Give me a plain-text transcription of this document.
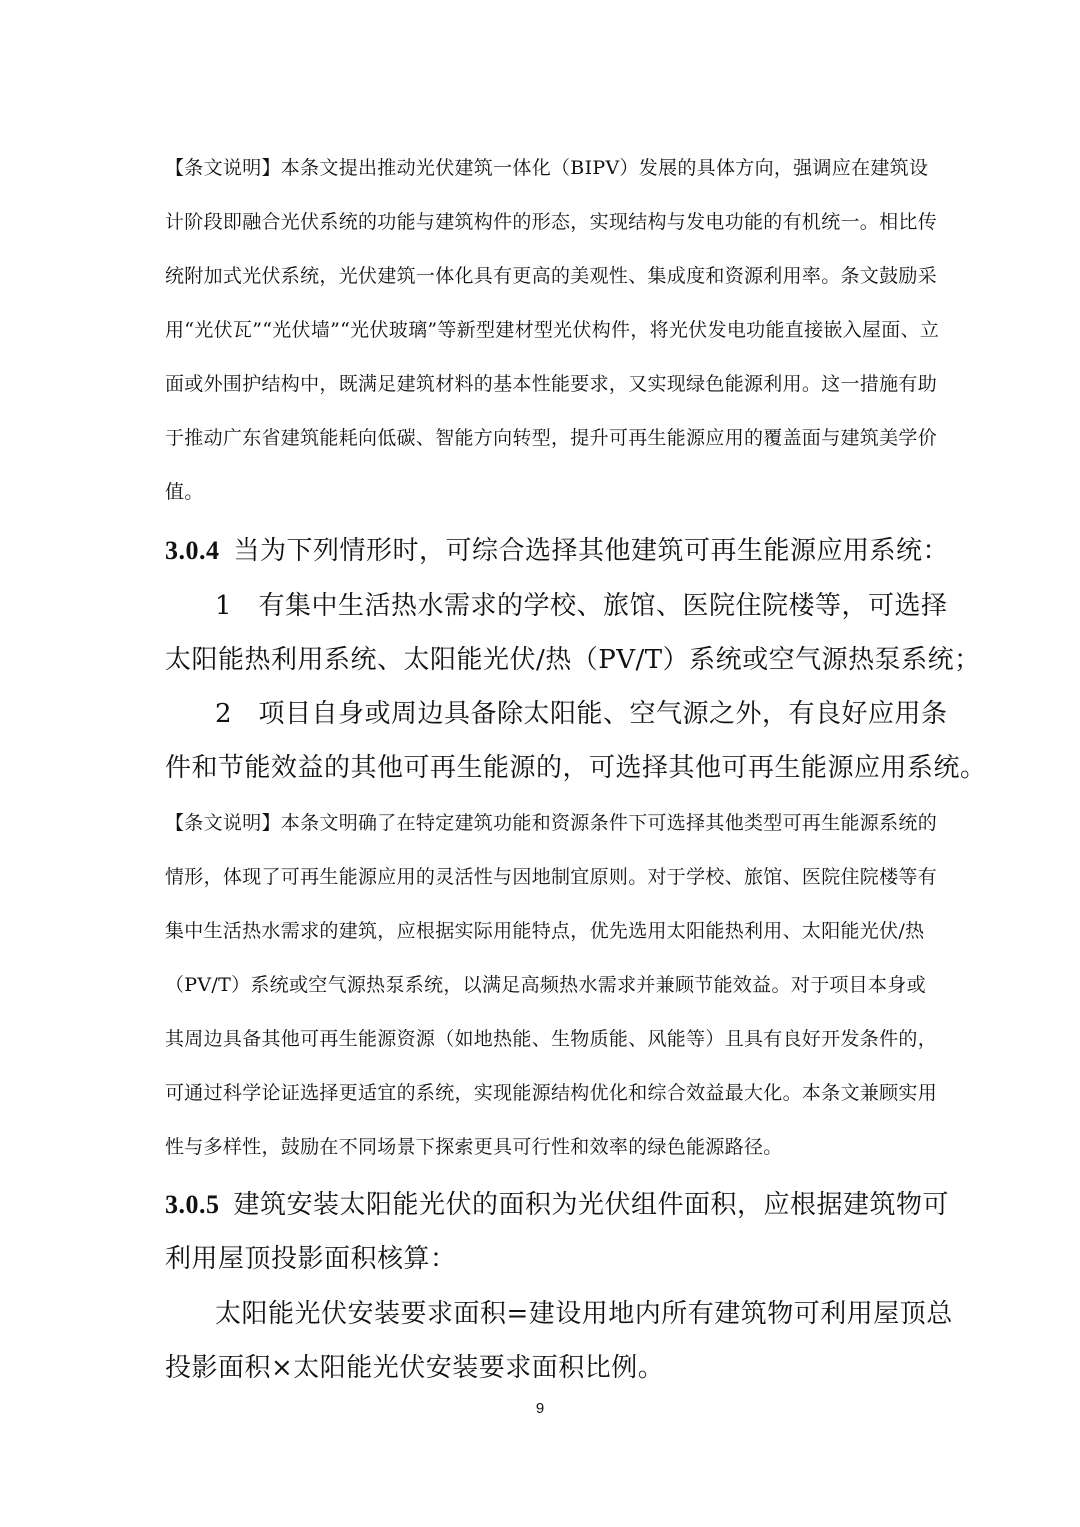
【条文说明】本条文提出推动光伏建筑一体化（BIPV）发展的具体方向，强调应在建筑设
计阶段即融合光伏系统的功能与建筑构件的形态，实现结构与发电功能的有机统一。相比传
统附加式光伏系统，光伏建筑一体化具有更高的美观性、集成度和资源利用率。条文鼓励采
用“光伏瓦”“光伏墙”“光伏玻璃”等新型建材型光伏构件，将光伏发电功能直接嵌入屋面、立
面或外围护结构中，既满足建筑材料的基本性能要求，又实现绿色能源利用。这一措施有助
于推动广东省建筑能耗向低碳、智能方向转型，提升可再生能源应用的覆盖面与建筑美学价
值。
3.0.4 当为下列情形时，可综合选择其他建筑可再生能源应用系统：
1　有集中生活热水需求的学校、旅馆、医院住院楼等，可选择
太阳能热利用系统、太阳能光伏/热（PV/T）系统或空气源热泵系统；
2　项目自身或周边具备除太阳能、空气源之外，有良好应用条
件和节能效益的其他可再生能源的，可选择其他可再生能源应用系统。
【条文说明】本条文明确了在特定建筑功能和资源条件下可选择其他类型可再生能源系统的
情形，体现了可再生能源应用的灵活性与因地制宜原则。对于学校、旅馆、医院住院楼等有
集中生活热水需求的建筑，应根据实际用能特点，优先选用太阳能热利用、太阳能光伏/热
（PV/T）系统或空气源热泵系统，以满足高频热水需求并兼顾节能效益。对于项目本身或
其周边具备其他可再生能源资源（如地热能、生物质能、风能等）且具有良好开发条件的，
可通过科学论证选择更适宜的系统，实现能源结构优化和综合效益最大化。本条文兼顾实用
性与多样性，鼓励在不同场景下探索更具可行性和效率的绿色能源路径。
3.0.5 建筑安装太阳能光伏的面积为光伏组件面积，应根据建筑物可
利用屋顶投影面积核算：
太阳能光伏安装要求面积=建设用地内所有建筑物可利用屋顶总
投影面积×太阳能光伏安装要求面积比例。
9
